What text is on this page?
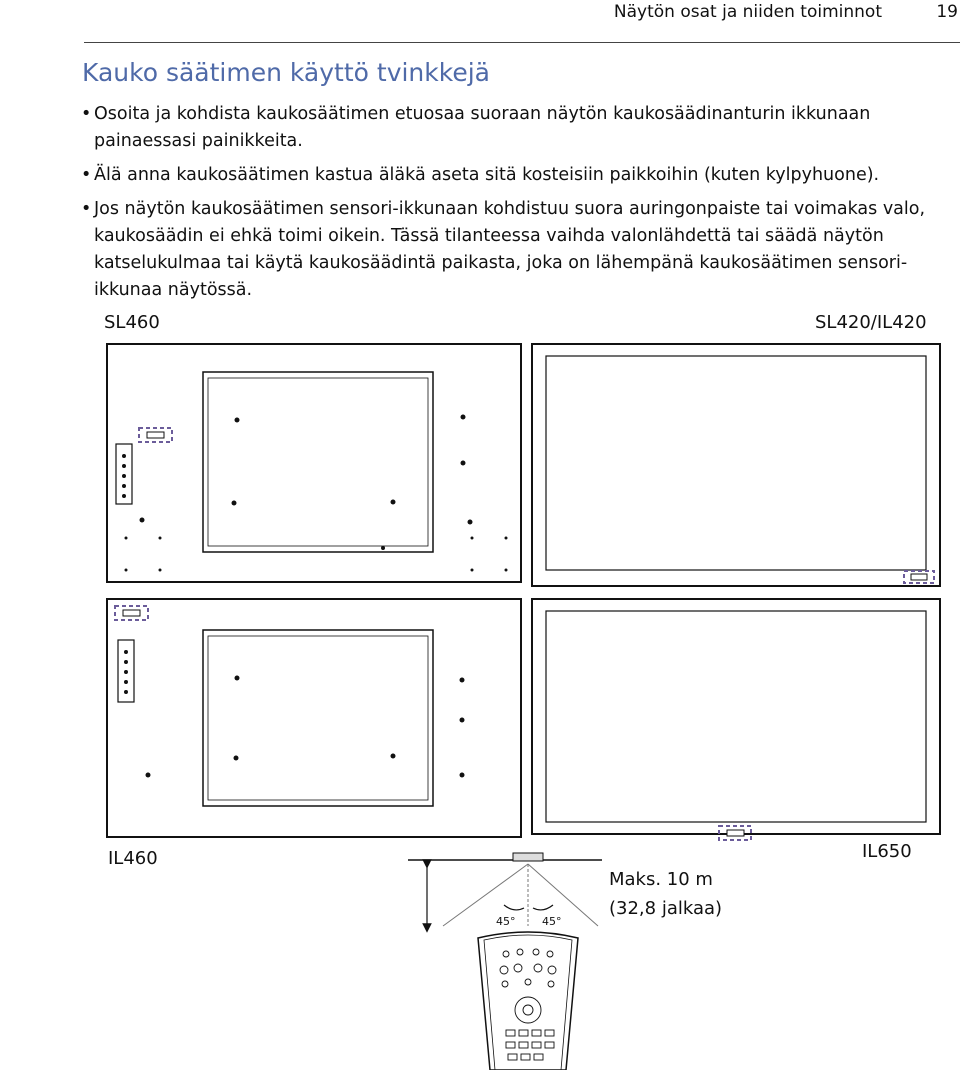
Näytön osat ja niiden toiminnot	19
Kauko säätimen käyttö tvinkkejä
• Osoita ja kohdista kaukosäätimen etuosaa suoraan näytön kaukosäädinanturin ikkunaan painaessasi painikkeita.
• Älä anna kaukosäätimen kastua äläkä aseta sitä kosteisiin paikkoihin (kuten kylpyhuone).
• Jos näytön kaukosäätimen sensori-ikkunaan kohdistuu suora auringonpaiste tai voimakas valo, kaukosäädin ei ehkä toimi oikein. Tässä tilanteessa vaihda valonlähdettä tai säädä näytön katselukulmaa tai käytä kaukosäädintä paikasta, joka on lähempänä kaukosäätimen sensori-ikkunaa näytössä.
SL460	SL420/IL420
IL460	IL650
Maks. 10 m
(32,8 jalkaa)
45° 45°
